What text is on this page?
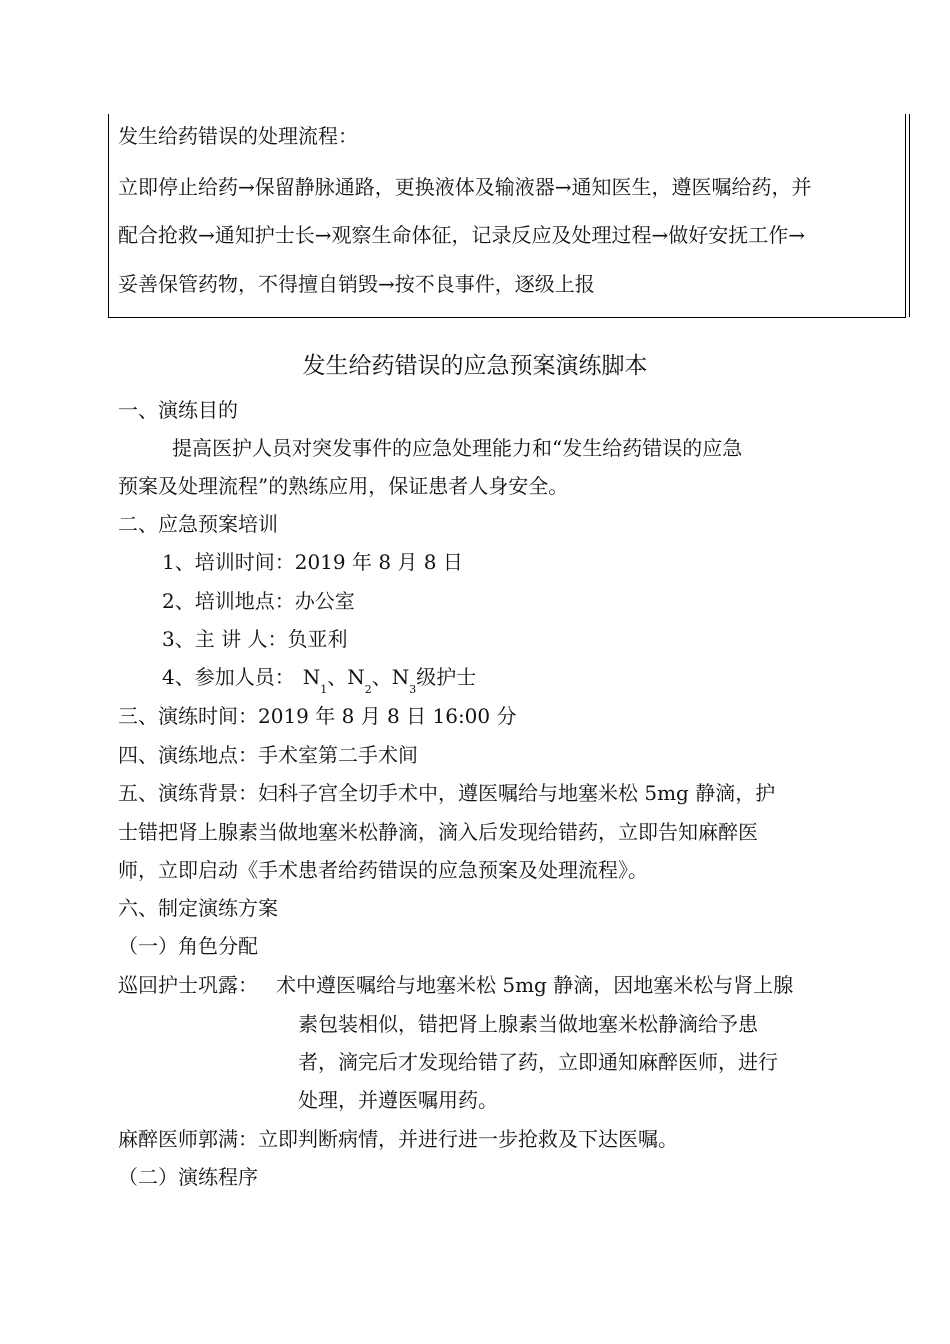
发生给药错误的处理流程：
立即停止给药→保留静脉通路，更换液体及输液器→通知医生，遵医嘱给药，并
配合抢救→通知护士长→观察生命体征，记录反应及处理过程→做好安抚工作→
妥善保管药物，不得擅自销毁→按不良事件，逐级上报
发生给药错误的应急预案演练脚本
一、演练目的
提高医护人员对突发事件的应急处理能力和“发生给药错误的应急
预案及处理流程”的熟练应用，保证患者人身安全。
二、应急预案培训
1、培训时间：2019 年 8 月 8 日
2、培训地点：办公室
3、主 讲 人：负亚利
4、参加人员： $N_1$、$N_2$、$N_3$级护士
三、演练时间：2019 年 8 月 8 日 16:00 分
四、演练地点：手术室第二手术间
五、演练背景：妇科子宫全切手术中，遵医嘱给与地塞米松 5mg 静滴，护
士错把肾上腺素当做地塞米松静滴，滴入后发现给错药，立即告知麻醉医
师，立即启动《手术患者给药错误的应急预案及处理流程》。
六、制定演练方案
（一）角色分配
巡回护士巩露： 术中遵医嘱给与地塞米松 5mg 静滴，因地塞米松与肾上腺
素包装相似，错把肾上腺素当做地塞米松静滴给予患
者，滴完后才发现给错了药，立即通知麻醉医师，进行
处理，并遵医嘱用药。
麻醉医师郭满：立即判断病情，并进行进一步抢救及下达医嘱。
（二）演练程序
